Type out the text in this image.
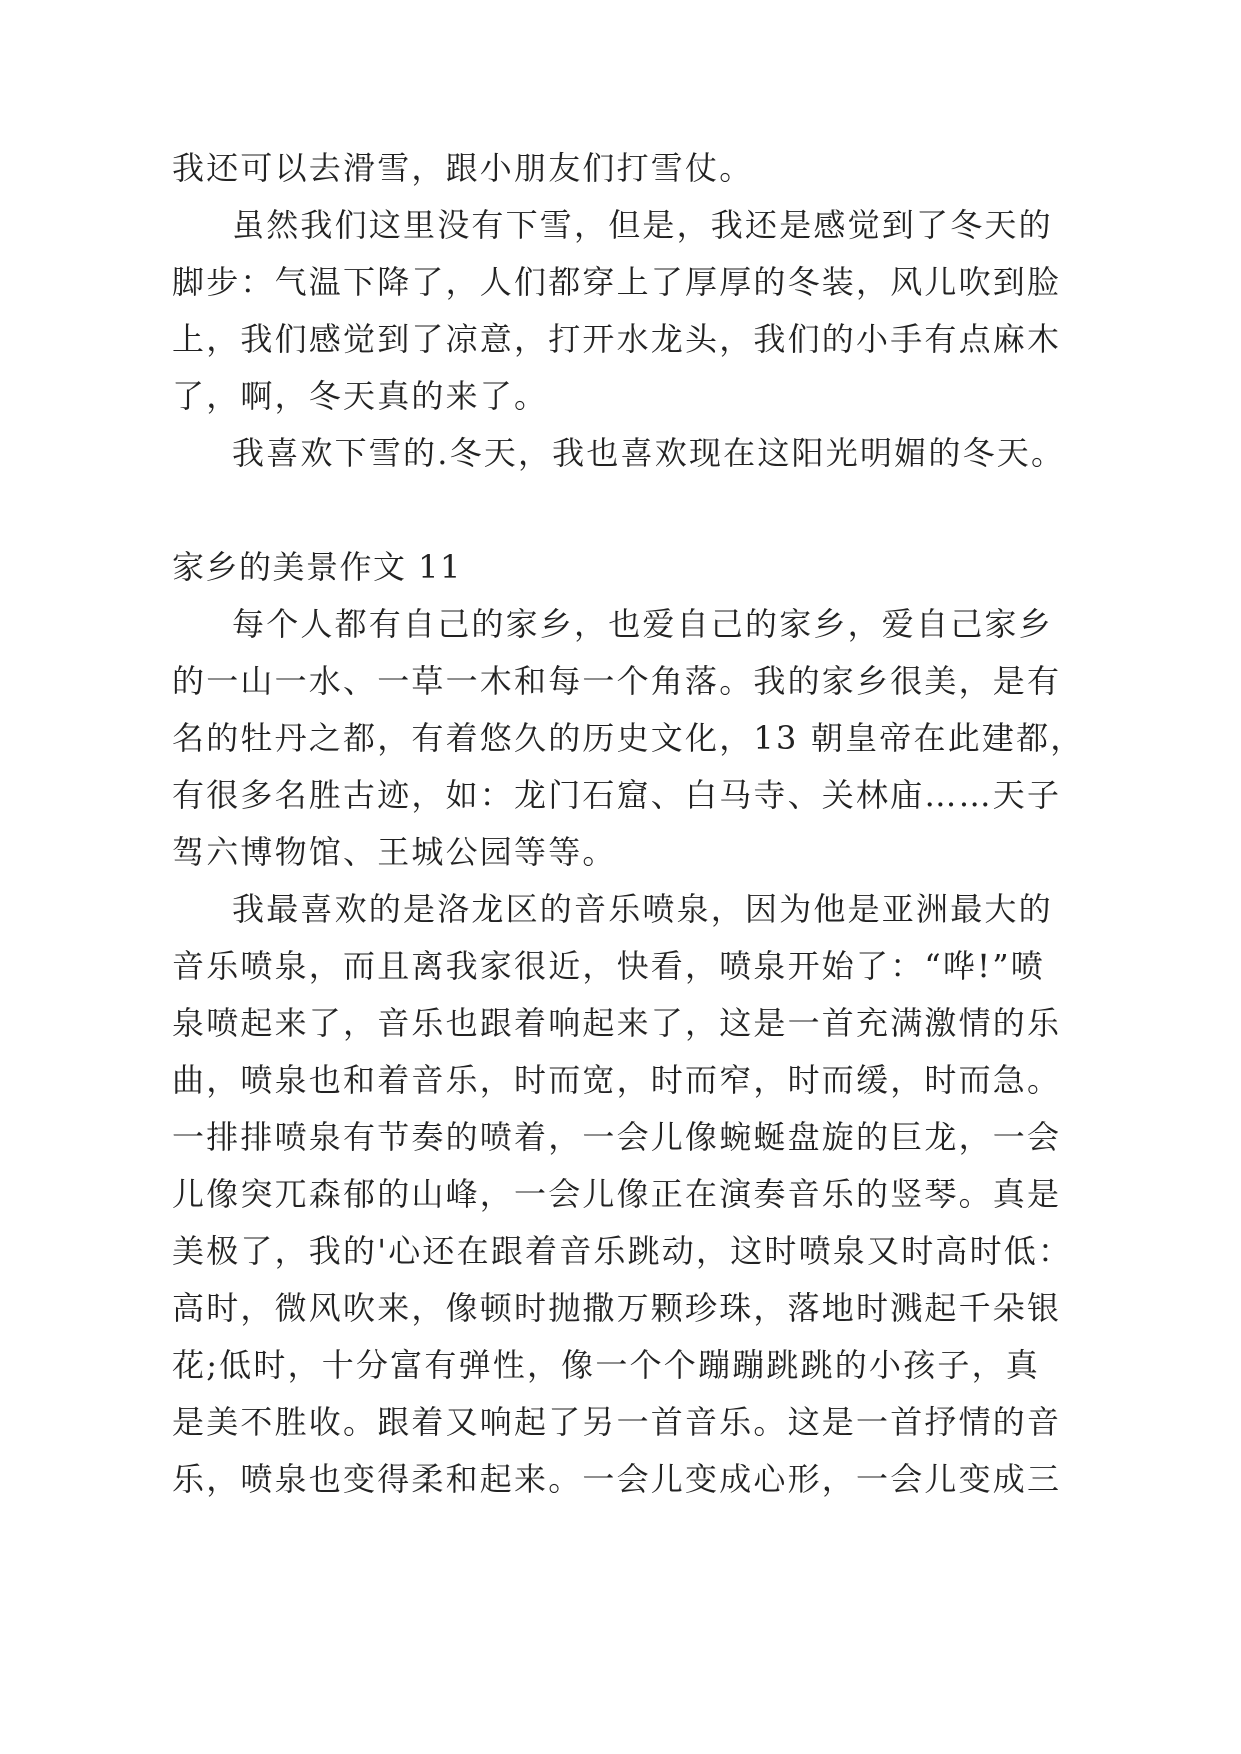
我还可以去滑雪，跟小朋友们打雪仗。
虽然我们这里没有下雪，但是，我还是感觉到了冬天的
脚步：气温下降了，人们都穿上了厚厚的冬装，风儿吹到脸
上，我们感觉到了凉意，打开水龙头，我们的小手有点麻木
了，啊，冬天真的来了。
我喜欢下雪的.冬天，我也喜欢现在这阳光明媚的冬天。
家乡的美景作文 11
每个人都有自己的家乡，也爱自己的家乡，爱自己家乡
的一山一水、一草一木和每一个角落。我的家乡很美，是有
名的牡丹之都，有着悠久的历史文化，13 朝皇帝在此建都，
有很多名胜古迹，如：龙门石窟、白马寺、关林庙……天子
驾六博物馆、王城公园等等。
我最喜欢的是洛龙区的音乐喷泉，因为他是亚洲最大的
音乐喷泉，而且离我家很近，快看，喷泉开始了：“哗!”喷
泉喷起来了，音乐也跟着响起来了，这是一首充满激情的乐
曲，喷泉也和着音乐，时而宽，时而窄，时而缓，时而急。
一排排喷泉有节奏的喷着，一会儿像蜿蜒盘旋的巨龙，一会
儿像突兀森郁的山峰，一会儿像正在演奏音乐的竖琴。真是
美极了，我的'心还在跟着音乐跳动，这时喷泉又时高时低：
高时，微风吹来，像顿时抛撒万颗珍珠，落地时溅起千朵银
花;低时，十分富有弹性，像一个个蹦蹦跳跳的小孩子，真
是美不胜收。跟着又响起了另一首音乐。这是一首抒情的音
乐，喷泉也变得柔和起来。一会儿变成心形，一会儿变成三
